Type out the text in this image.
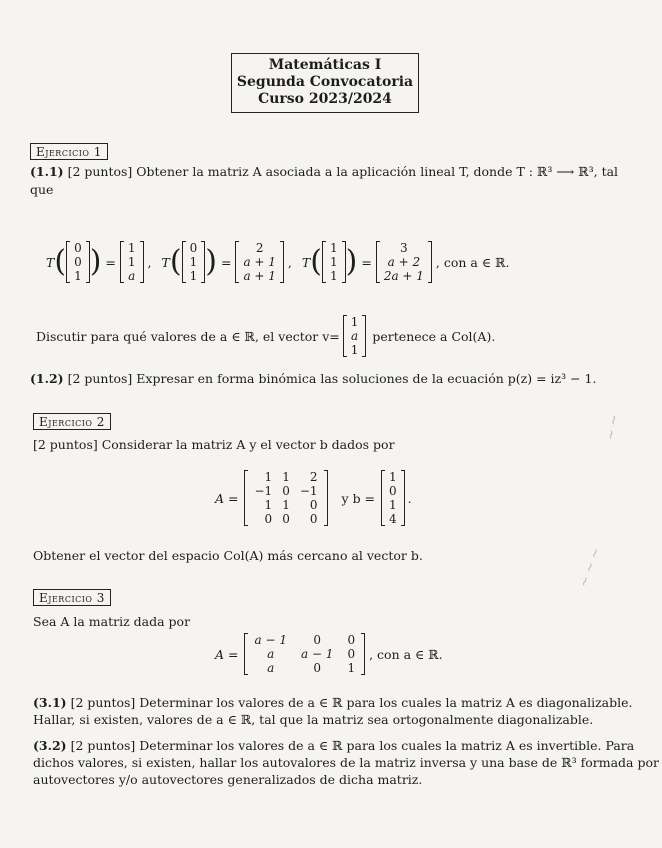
~ ~ ~
~ ~
Matemáticas I
Segunda Convocatoria
Curso 2023/2024
Ejercicio 1
(1.1) [2 puntos] Obtener la matriz A asociada a la aplicación lineal T, donde T : ℝ³ ⟶ ℝ³, tal
que
T ( 0
0
1 ) =
1
1
a
, T ( 0
1
1 ) =
2
a + 1
a + 1
, T ( 1
1
1 ) =
3
a + 2
2a + 1
, con a ∈ ℝ.
Discutir para qué valores de a ∈ ℝ, el vector v=
1
a
1
pertenece a Col(A).
(1.2) [2 puntos] Expresar en forma binómica las soluciones de la ecuación p(z) = iz³ − 1.
Ejercicio 2
[2 puntos] Considerar la matriz A y el vector b dados por
A =
1 1	2
−1 0 −1
1 1	0
0 0	0
y b =
1
0
1
4
.
Obtener el vector del espacio Col(A) más cercano al vector b.
Ejercicio 3
Sea A la matriz dada por
A =
a − 1	0	0
a	a − 1 0
a	0	1
, con a ∈ ℝ.
(3.1) [2 puntos] Determinar los valores de a ∈ ℝ para los cuales la matriz A es diagonalizable.
Hallar, si existen, valores de a ∈ ℝ, tal que la matriz sea ortogonalmente diagonalizable.
(3.2) [2 puntos] Determinar los valores de a ∈ ℝ para los cuales la matriz A es invertible. Para
dichos valores, si existen, hallar los autovalores de la matriz inversa y una base de ℝ³ formada por
autovectores y/o autovectores generalizados de dicha matriz.
